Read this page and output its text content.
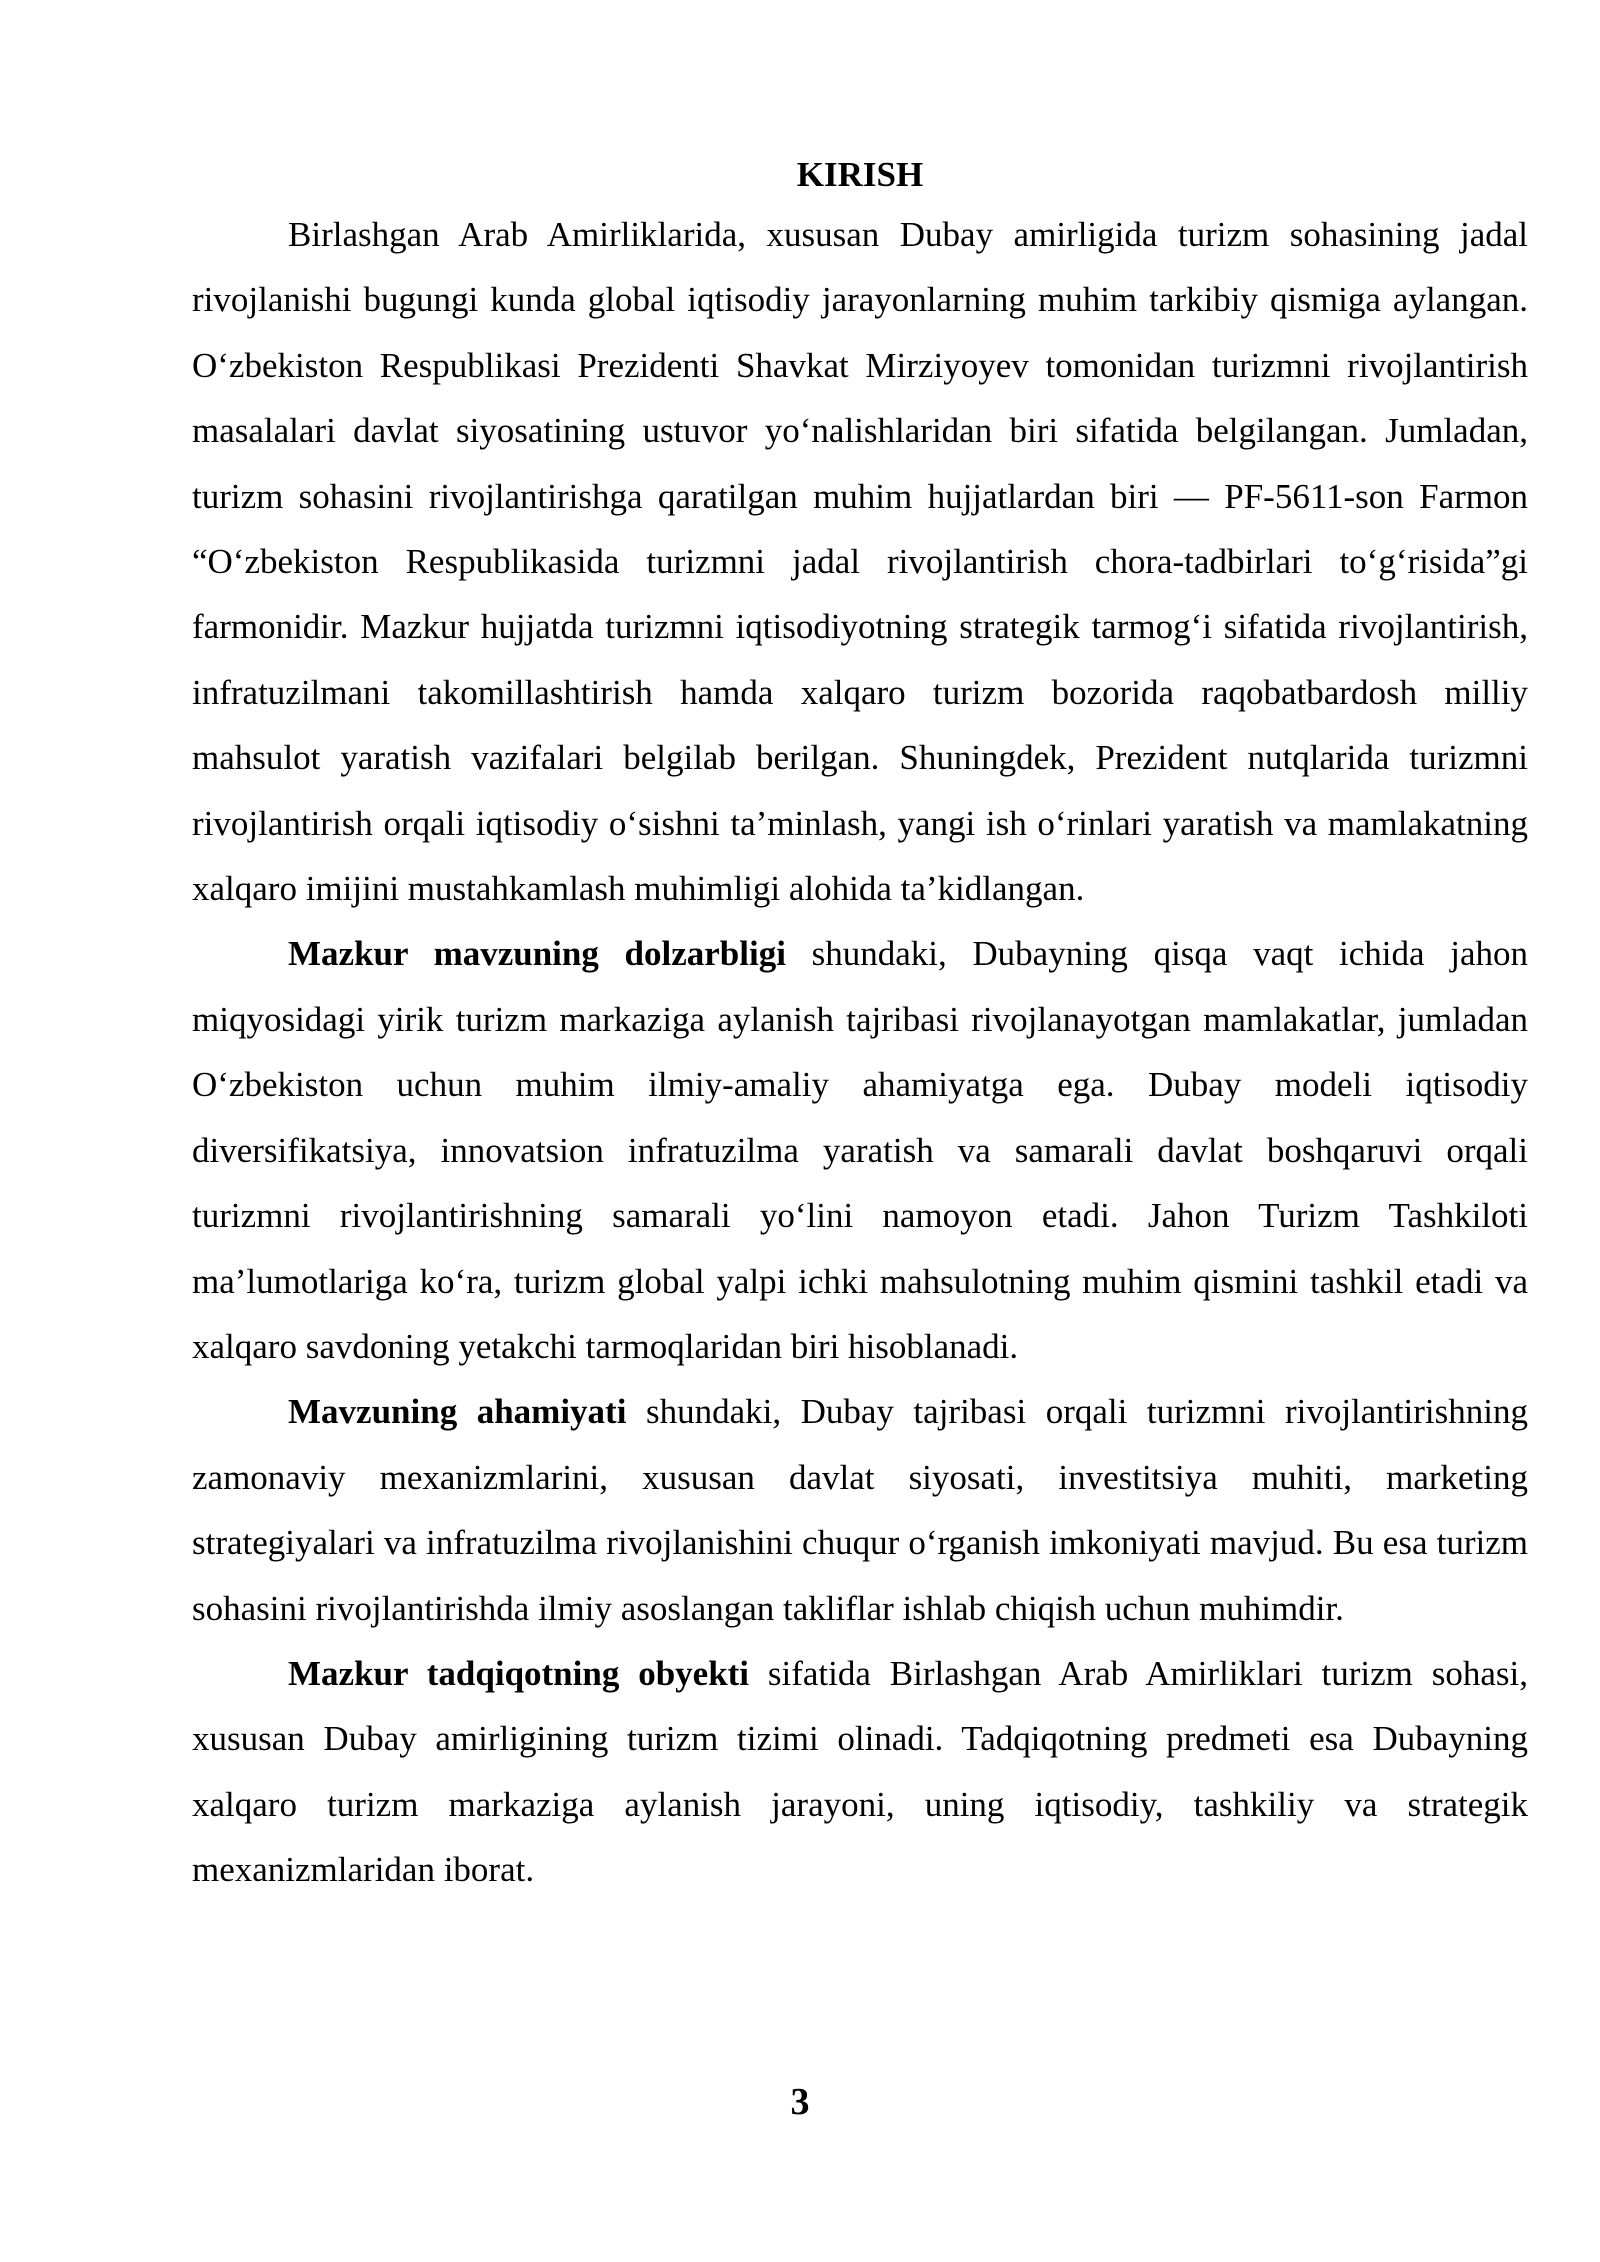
KIRISH

Birlashgan Arab Amirliklarida, xususan Dubay amirligida turizm sohasining jadal rivojlanishi bugungi kunda global iqtisodiy jarayonlarning muhim tarkibiy qismiga aylangan. O‘zbekiston Respublikasi Prezidenti Shavkat Mirziyoyev tomonidan turizmni rivojlantirish masalalari davlat siyosatining ustuvor yo‘nalishlaridan biri sifatida belgilangan. Jumladan, turizm sohasini rivojlantirishga qaratilgan muhim hujjatlardan biri — PF-5611-son Farmon “O‘zbekiston Respublikasida turizmni jadal rivojlantirish chora-tadbirlari to‘g‘risida”gi farmonidir. Mazkur hujjatda turizmni iqtisodiyotning strategik tarmog‘i sifatida rivojlantirish, infratuzilmani takomillashtirish hamda xalqaro turizm bozorida raqobatbardosh milliy mahsulot yaratish vazifalari belgilab berilgan. Shuningdek, Prezident nutqlarida turizmni rivojlantirish orqali iqtisodiy o‘sishni ta’minlash, yangi ish o‘rinlari yaratish va mamlakatning xalqaro imijini mustahkamlash muhimligi alohida ta’kidlangan.

Mazkur mavzuning dolzarbligi shundaki, Dubayning qisqa vaqt ichida jahon miqyosidagi yirik turizm markaziga aylanish tajribasi rivojlanayotgan mamlakatlar, jumladan O‘zbekiston uchun muhim ilmiy-amaliy ahamiyatga ega. Dubay modeli iqtisodiy diversifikatsiya, innovatsion infratuzilma yaratish va samarali davlat boshqaruvi orqali turizmni rivojlantirishning samarali yo‘lini namoyon etadi. Jahon Turizm Tashkiloti ma’lumotlariga ko‘ra, turizm global yalpi ichki mahsulotning muhim qismini tashkil etadi va xalqaro savdoning yetakchi tarmoqlaridan biri hisoblanadi.

Mavzuning ahamiyati shundaki, Dubay tajribasi orqali turizmni rivojlantirishning zamonaviy mexanizmlarini, xususan davlat siyosati, investitsiya muhiti, marketing strategiyalari va infratuzilma rivojlanishini chuqur o‘rganish imkoniyati mavjud. Bu esa turizm sohasini rivojlantirishda ilmiy asoslangan takliflar ishlab chiqish uchun muhimdir.

Mazkur tadqiqotning obyekti sifatida Birlashgan Arab Amirliklari turizm sohasi, xususan Dubay amirligining turizm tizimi olinadi. Tadqiqotning predmeti esa Dubayning xalqaro turizm markaziga aylanish jarayoni, uning iqtisodiy, tashkiliy va strategik mexanizmlaridan iborat.

3
